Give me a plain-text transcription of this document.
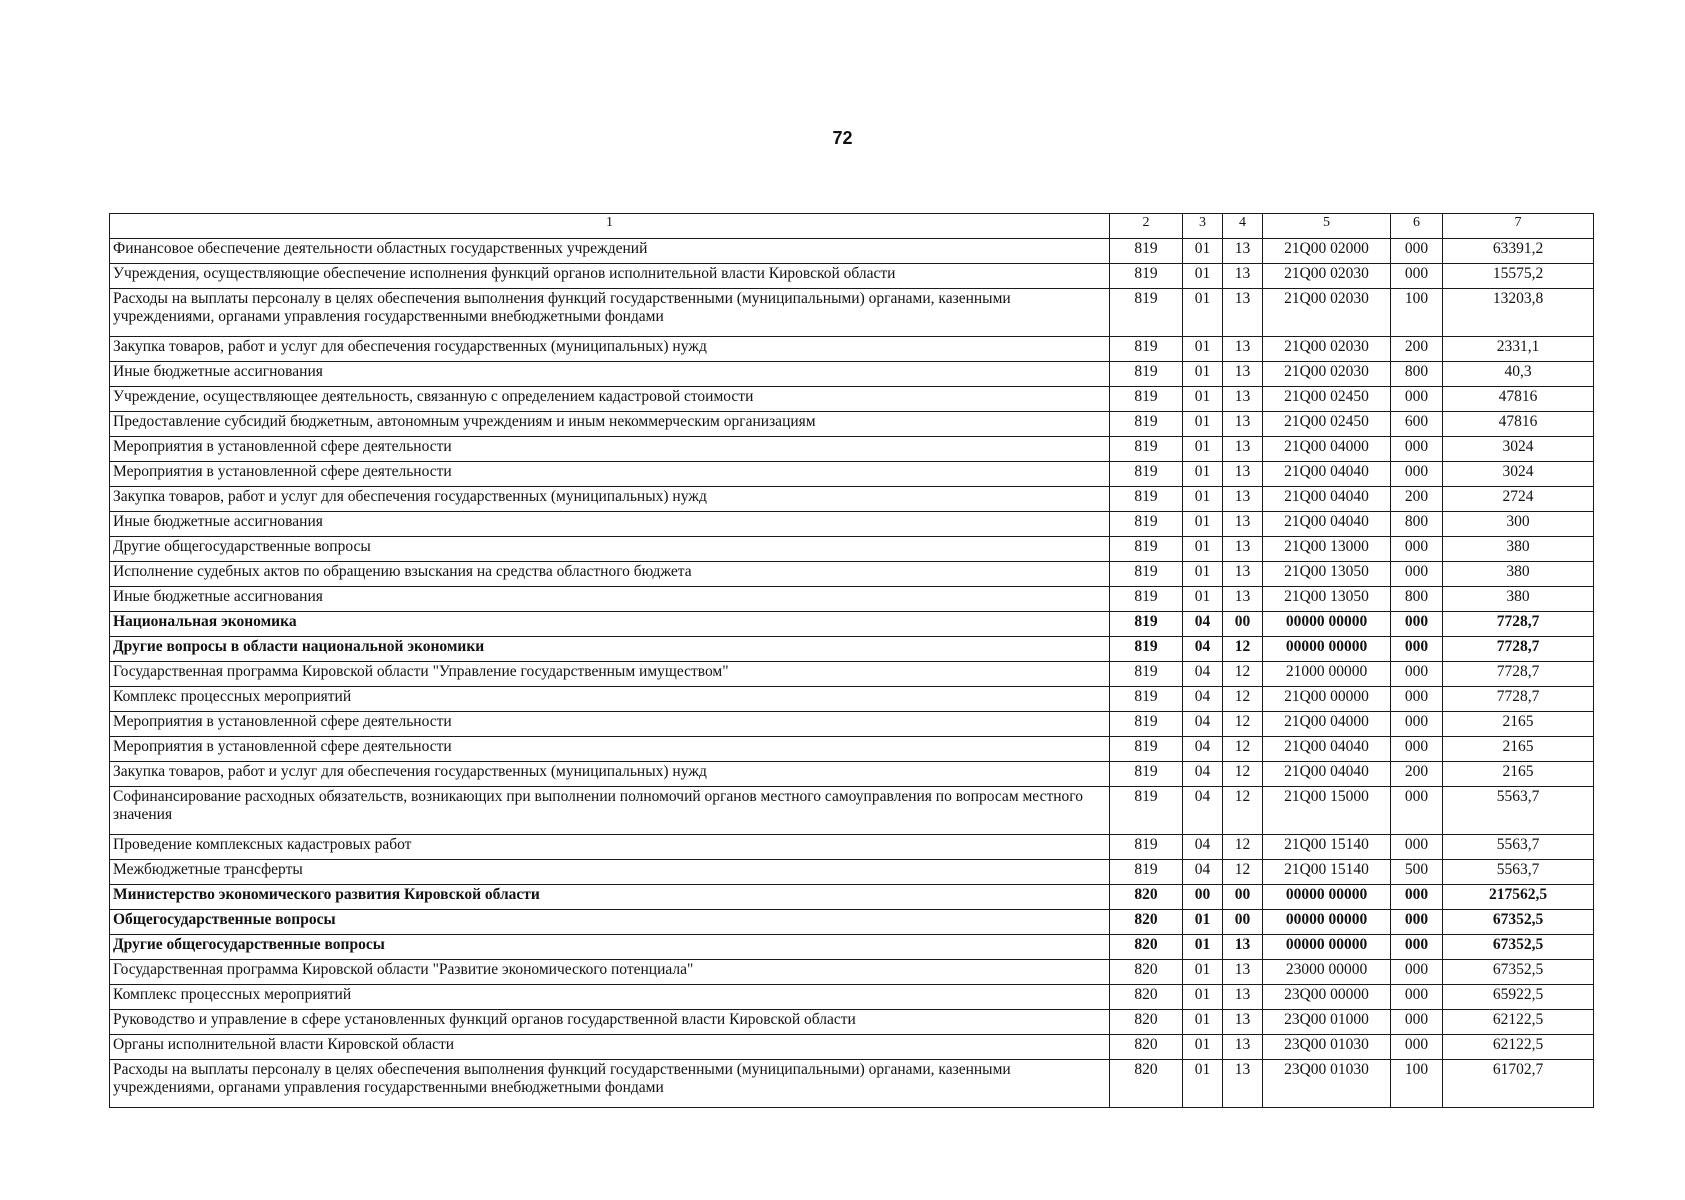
72
1	2	3	4	5	6	7
Финансовое обеспечение деятельности областных государственных учреждений	819	01	13	21Q00 02000	000	63391,2
Учреждения, осуществляющие обеспечение исполнения функций органов исполнительной власти Кировской области	819	01	13	21Q00 02030	000	15575,2
Расходы на выплаты персоналу в целях обеспечения выполнения функций государственными (муниципальными) органами, казенными учреждениями, органами управления государственными внебюджетными фондами	819	01	13	21Q00 02030	100	13203,8
Закупка товаров, работ и услуг для обеспечения государственных (муниципальных) нужд	819	01	13	21Q00 02030	200	2331,1
Иные бюджетные ассигнования	819	01	13	21Q00 02030	800	40,3
Учреждение, осуществляющее деятельность, связанную с определением кадастровой стоимости	819	01	13	21Q00 02450	000	47816
Предоставление субсидий бюджетным, автономным учреждениям и иным некоммерческим организациям	819	01	13	21Q00 02450	600	47816
Мероприятия в установленной сфере деятельности	819	01	13	21Q00 04000	000	3024
Мероприятия в установленной сфере деятельности	819	01	13	21Q00 04040	000	3024
Закупка товаров, работ и услуг для обеспечения государственных (муниципальных) нужд	819	01	13	21Q00 04040	200	2724
Иные бюджетные ассигнования	819	01	13	21Q00 04040	800	300
Другие общегосударственные вопросы	819	01	13	21Q00 13000	000	380
Исполнение судебных актов по обращению взыскания на средства областного бюджета	819	01	13	21Q00 13050	000	380
Иные бюджетные ассигнования	819	01	13	21Q00 13050	800	380
Национальная экономика	819	04	00	00000 00000	000	7728,7
Другие вопросы в области национальной экономики	819	04	12	00000 00000	000	7728,7
Государственная программа Кировской области "Управление государственным имуществом"	819	04	12	21000 00000	000	7728,7
Комплекс процессных мероприятий	819	04	12	21Q00 00000	000	7728,7
Мероприятия в установленной сфере деятельности	819	04	12	21Q00 04000	000	2165
Мероприятия в установленной сфере деятельности	819	04	12	21Q00 04040	000	2165
Закупка товаров, работ и услуг для обеспечения государственных (муниципальных) нужд	819	04	12	21Q00 04040	200	2165
Софинансирование расходных обязательств, возникающих при выполнении полномочий органов местного самоуправления по вопросам местного значения	819	04	12	21Q00 15000	000	5563,7
Проведение комплексных кадастровых работ	819	04	12	21Q00 15140	000	5563,7
Межбюджетные трансферты	819	04	12	21Q00 15140	500	5563,7
Министерство экономического развития Кировской области	820	00	00	00000 00000	000	217562,5
Общегосударственные вопросы	820	01	00	00000 00000	000	67352,5
Другие общегосударственные вопросы	820	01	13	00000 00000	000	67352,5
Государственная программа Кировской области "Развитие экономического потенциала"	820	01	13	23000 00000	000	67352,5
Комплекс процессных мероприятий	820	01	13	23Q00 00000	000	65922,5
Руководство и управление в сфере установленных функций органов государственной власти Кировской области	820	01	13	23Q00 01000	000	62122,5
Органы исполнительной власти Кировской области	820	01	13	23Q00 01030	000	62122,5
Расходы на выплаты персоналу в целях обеспечения выполнения функций государственными (муниципальными) органами, казенными учреждениями, органами управления государственными внебюджетными фондами	820	01	13	23Q00 01030	100	61702,7
